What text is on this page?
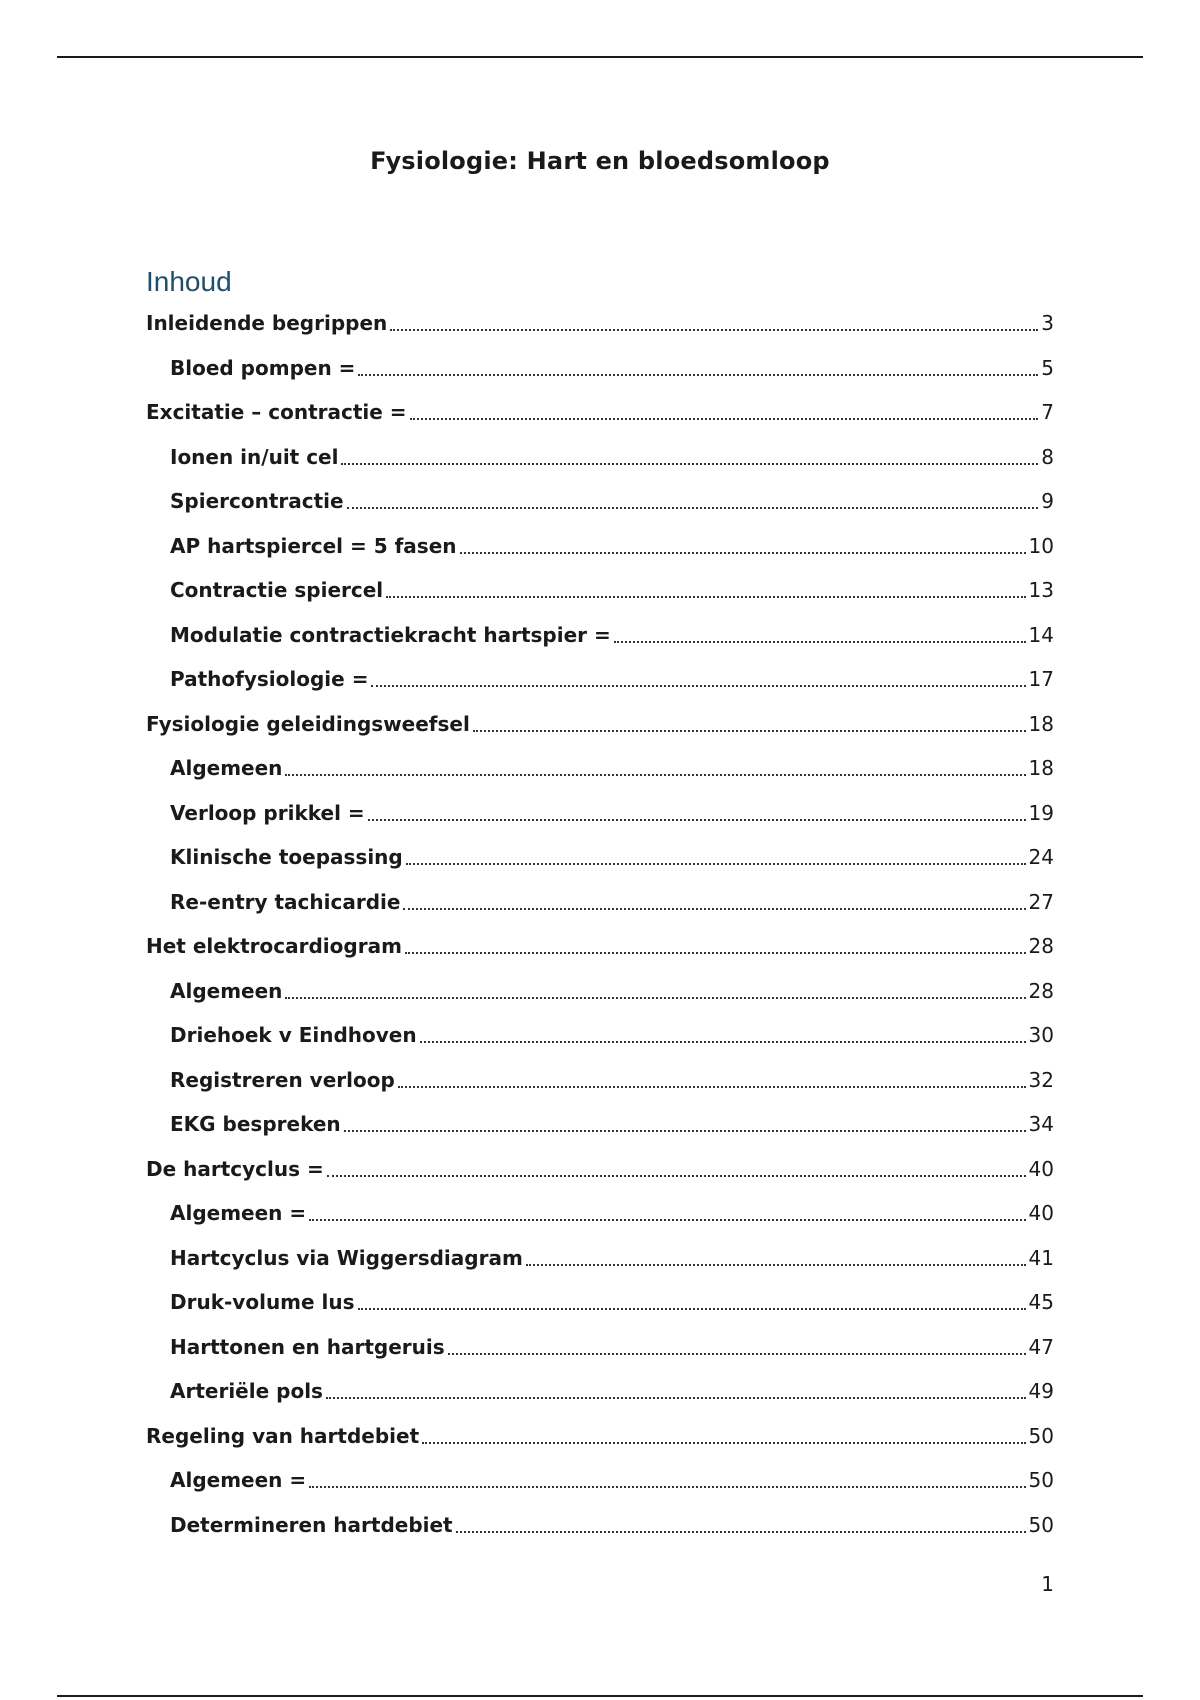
Fysiologie: Hart en bloedsomloop
Inhoud
Inleidende begrippen	3
Bloed pompen =	5
Excitatie – contractie =	7
Ionen in/uit cel	8
Spiercontractie	9
AP hartspiercel = 5 fasen	10
Contractie spiercel	13
Modulatie contractiekracht hartspier =	14
Pathofysiologie =	17
Fysiologie geleidingsweefsel	18
Algemeen	18
Verloop prikkel =	19
Klinische toepassing	24
Re-entry tachicardie	27
Het elektrocardiogram	28
Algemeen	28
Driehoek v Eindhoven	30
Registreren verloop	32
EKG bespreken	34
De hartcyclus =	40
Algemeen =	40
Hartcyclus via Wiggersdiagram	41
Druk-volume lus	45
Harttonen en hartgeruis	47
Arteriële pols	49
Regeling van hartdebiet	50
Algemeen =	50
Determineren hartdebiet	50
1
